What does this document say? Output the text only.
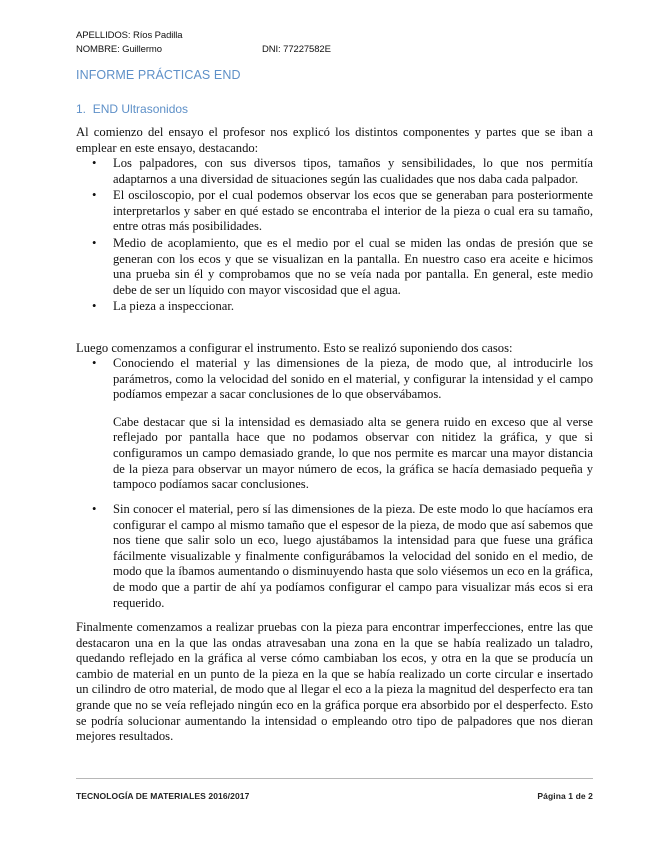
APELLIDOS: Ríos Padilla
NOMBRE: Guillermo	DNI: 77227582E
INFORME PRÁCTICAS END
1. END Ultrasonidos

Al comienzo del ensayo el profesor nos explicó los distintos componentes y partes que se iban a emplear en este ensayo, destacando:

• Los palpadores, con sus diversos tipos, tamaños y sensibilidades, lo que nos permitía adaptarnos a una diversidad de situaciones según las cualidades que nos daba cada palpador.
• El osciloscopio, por el cual podemos observar los ecos que se generaban para posteriormente interpretarlos y saber en qué estado se encontraba el interior de la pieza o cual era su tamaño, entre otras más posibilidades.
• Medio de acoplamiento, que es el medio por el cual se miden las ondas de presión que se generan con los ecos y que se visualizan en la pantalla. En nuestro caso era aceite e hicimos una prueba sin él y comprobamos que no se veía nada por pantalla. En general, este medio debe de ser un líquido con mayor viscosidad que el agua.
• La pieza a inspeccionar.

Luego comenzamos a configurar el instrumento. Esto se realizó suponiendo dos casos:

• Conociendo el material y las dimensiones de la pieza, de modo que, al introducirle los parámetros, como la velocidad del sonido en el material, y configurar la intensidad y el campo podíamos empezar a sacar conclusiones de lo que observábamos.

Cabe destacar que si la intensidad es demasiado alta se genera ruido en exceso que al verse reflejado por pantalla hace que no podamos observar con nitidez la gráfica, y que si configuramos un campo demasiado grande, lo que nos permite es marcar una mayor distancia de la pieza para observar un mayor número de ecos, la gráfica se hacía demasiado pequeña y tampoco podíamos sacar conclusiones.

• Sin conocer el material, pero sí las dimensiones de la pieza. De este modo lo que hacíamos era configurar el campo al mismo tamaño que el espesor de la pieza, de modo que así sabemos que nos tiene que salir solo un eco, luego ajustábamos la intensidad para que fuese una gráfica fácilmente visualizable y finalmente configurábamos la velocidad del sonido en el medio, de modo que la íbamos aumentando o disminuyendo hasta que solo viésemos un eco en la gráfica, de modo que a partir de ahí ya podíamos configurar el campo para visualizar más ecos si era requerido.

Finalmente comenzamos a realizar pruebas con la pieza para encontrar imperfecciones, entre las que destacaron una en la que las ondas atravesaban una zona en la que se había realizado un taladro, quedando reflejado en la gráfica al verse cómo cambiaban los ecos, y otra en la que se producía un cambio de material en un punto de la pieza en la que se había realizado un corte circular e insertado un cilindro de otro material, de modo que al llegar el eco a la pieza la magnitud del desperfecto era tan grande que no se veía reflejado ningún eco en la gráfica porque era absorbido por el desperfecto. Esto se podría solucionar aumentando la intensidad o empleando otro tipo de palpadores que nos dieran mejores resultados.

TECNOLOGÍA DE MATERIALES 2016/2017	Página 1 de 2
